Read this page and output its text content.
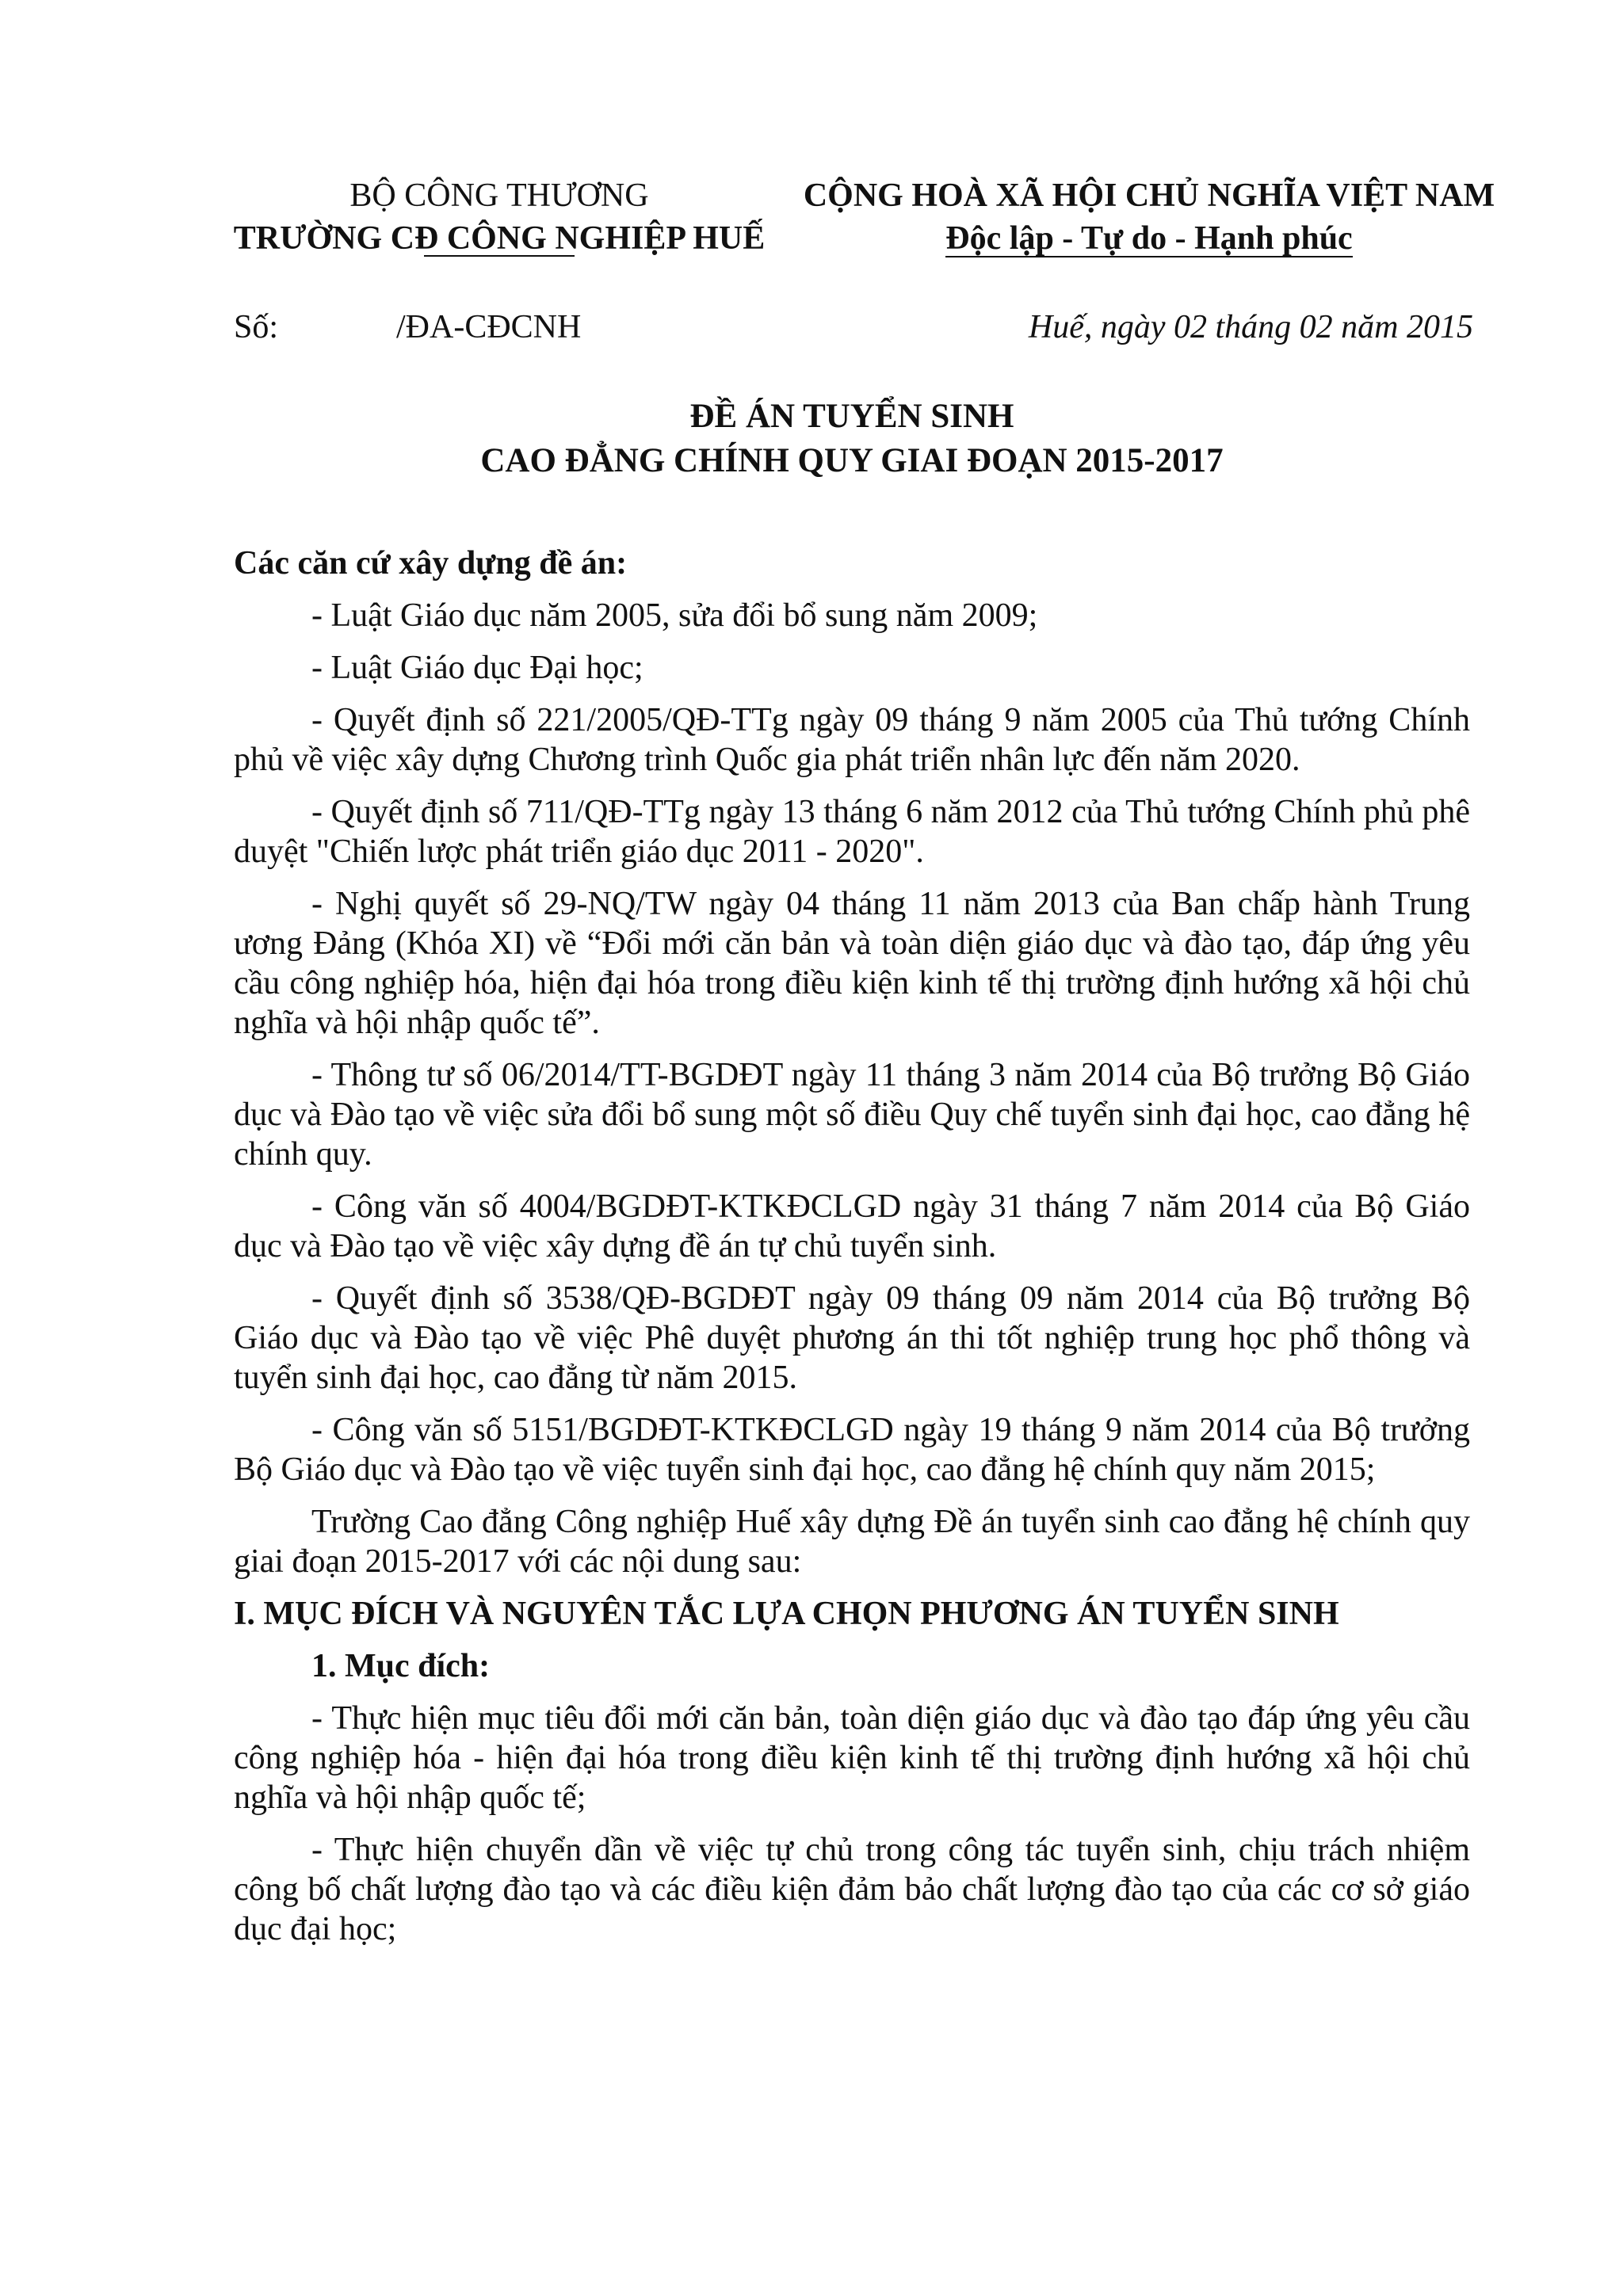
BỘ CÔNG THƯƠNG
TRƯỜNG CĐ CÔNG NGHIỆP HUẾ
CỘNG HOÀ XÃ HỘI CHỦ NGHĨA VIỆT NAM
Độc lập - Tự do - Hạnh phúc
Số:	/ĐA-CĐCNH	Huế, ngày 02 tháng 02 năm 2015
ĐỀ ÁN TUYỂN SINH
CAO ĐẲNG CHÍNH QUY GIAI ĐOẠN 2015-2017

Các căn cứ xây dựng đề án:

- Luật Giáo dục năm 2005, sửa đổi bổ sung năm 2009;

- Luật Giáo dục Đại học;

- Quyết định số 221/2005/QĐ-TTg ngày 09 tháng 9 năm 2005 của Thủ tướng Chính phủ về việc xây dựng Chương trình Quốc gia phát triển nhân lực đến năm 2020.

- Quyết định số 711/QĐ-TTg ngày 13 tháng 6 năm 2012 của Thủ tướng Chính phủ phê duyệt "Chiến lược phát triển giáo dục 2011 - 2020".

- Nghị quyết số 29-NQ/TW ngày 04 tháng 11 năm 2013 của Ban chấp hành Trung ương Đảng (Khóa XI) về “Đổi mới căn bản và toàn diện giáo dục và đào tạo, đáp ứng yêu cầu công nghiệp hóa, hiện đại hóa trong điều kiện kinh tế thị trường định hướng xã hội chủ nghĩa và hội nhập quốc tế”.

- Thông tư số 06/2014/TT-BGDĐT ngày 11 tháng 3 năm 2014 của Bộ trưởng Bộ Giáo dục và Đào tạo về việc sửa đổi bổ sung một số điều Quy chế tuyển sinh đại học, cao đẳng hệ chính quy.

- Công văn số 4004/BGDĐT-KTKĐCLGD ngày 31 tháng 7 năm 2014 của Bộ Giáo dục và Đào tạo về việc xây dựng đề án tự chủ tuyển sinh.

- Quyết định số 3538/QĐ-BGDĐT ngày 09 tháng 09 năm 2014 của Bộ trưởng Bộ Giáo dục và Đào tạo về việc Phê duyệt phương án thi tốt nghiệp trung học phổ thông và tuyển sinh đại học, cao đẳng từ năm 2015.

- Công văn số 5151/BGDĐT-KTKĐCLGD ngày 19 tháng 9 năm 2014 của Bộ trưởng Bộ Giáo dục và Đào tạo về việc tuyển sinh đại học, cao đẳng hệ chính quy năm 2015;

Trường Cao đẳng Công nghiệp Huế xây dựng Đề án tuyển sinh cao đẳng hệ chính quy giai đoạn 2015-2017 với các nội dung sau:

I. MỤC ĐÍCH VÀ NGUYÊN TẮC LỰA CHỌN PHƯƠNG ÁN TUYỂN SINH

1. Mục đích:

- Thực hiện mục tiêu đổi mới căn bản, toàn diện giáo dục và đào tạo đáp ứng yêu cầu công nghiệp hóa - hiện đại hóa trong điều kiện kinh tế thị trường định hướng xã hội chủ nghĩa và hội nhập quốc tế;

- Thực hiện chuyển dần về việc tự chủ trong công tác tuyển sinh, chịu trách nhiệm công bố chất lượng đào tạo và các điều kiện đảm bảo chất lượng đào tạo của các cơ sở giáo dục đại học;
